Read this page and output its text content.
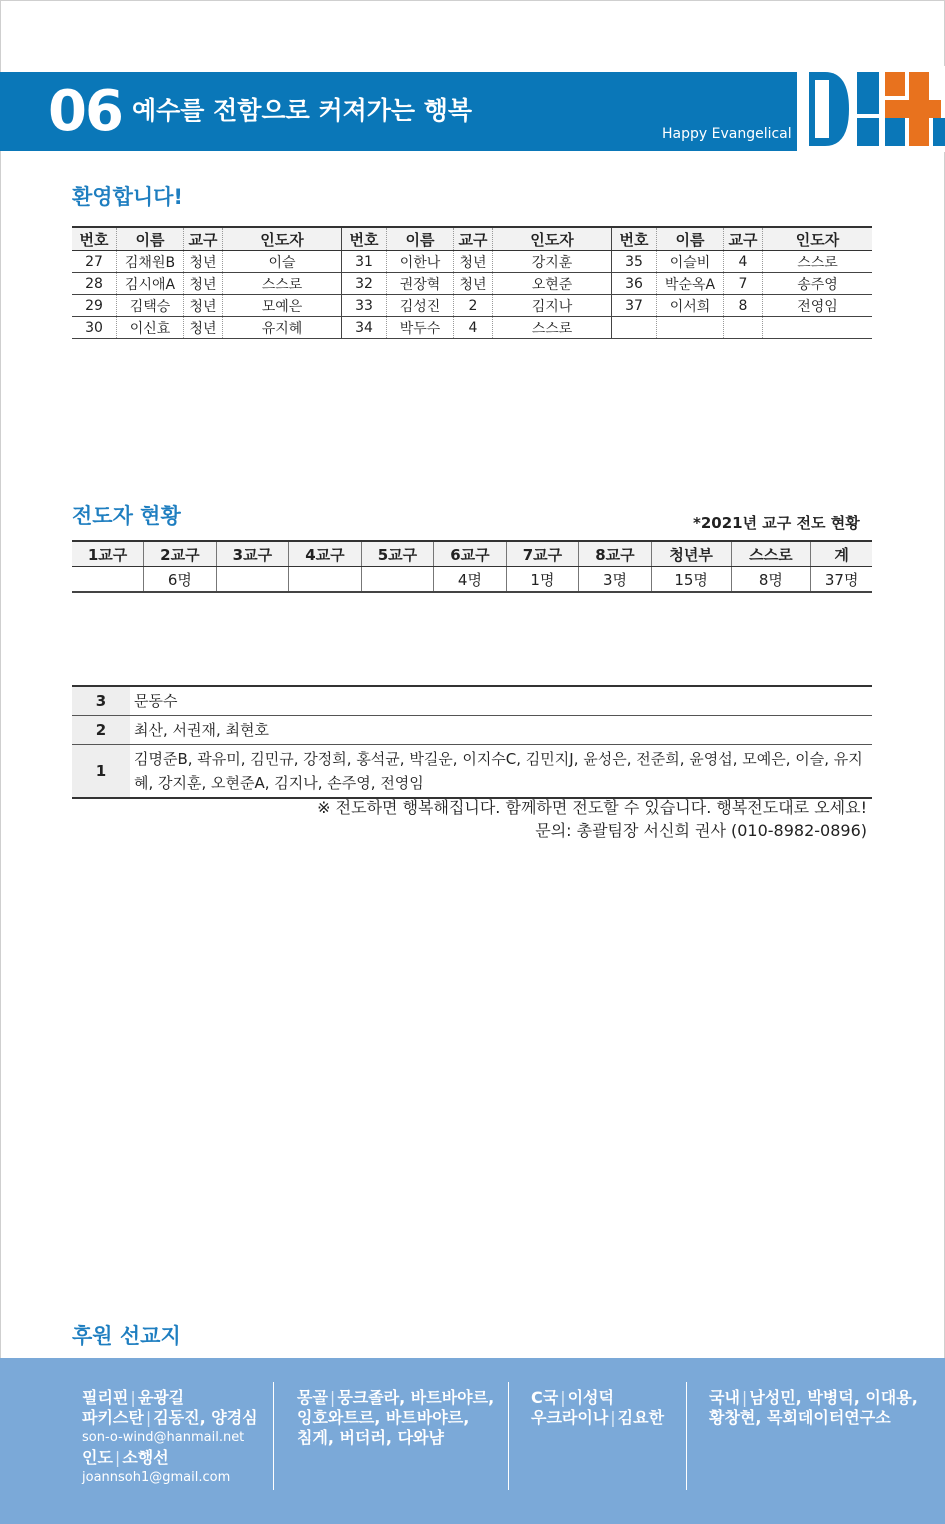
06 예수를 전함으로 커져가는 행복
Happy Evangelical
환영합니다!
번호	이름	교구	인도자	번호	이름	교구	인도자	번호	이름	교구	인도자
27	김채원B	청년	이슬	31	이한나	청년	강지훈	35	이슬비	4	스스로
28	김시애A	청년	스스로	32	권장혁	청년	오현준	36	박순옥A	7	송주영
29	김택승	청년	모예은	33	김성진	2	김지나	37	이서희	8	전영임
30	이신효	청년	유지혜	34	박두수	4	스스로				
전도자 현황	*2021년 교구 전도 현황
1교구	2교구	3교구	4교구	5교구	6교구	7교구	8교구	청년부	스스로	계
	6명				4명	1명	3명	15명	8명	37명
3	문동수
2	최산, 서권재, 최현호
1	김명준B, 곽유미, 김민규, 강정희, 홍석균, 박길운, 이지수C, 김민지J, 윤성은, 전준희, 윤영섭, 모예은, 이슬, 유지혜, 강지훈, 오현준A, 김지나, 손주영, 전영임
※ 전도하면 행복해집니다. 함께하면 전도할 수 있습니다. 행복전도대로 오세요!
문의: 총괄팀장 서신희 권사 (010-8982-0896)
후원 선교지
필리핀 | 윤광길
파키스탄 | 김동진, 양경심
son-o-wind@hanmail.net
인도 | 소행선
joannsoh1@gmail.com
몽골 | 뭉크졸라, 바트바야르,
잉호와트르, 바트바야르,
침게, 버더러, 다와냠
C국 | 이성덕
우크라이나 | 김요한
국내 | 남성민, 박병덕, 이대용,
황창현, 목회데이터연구소
